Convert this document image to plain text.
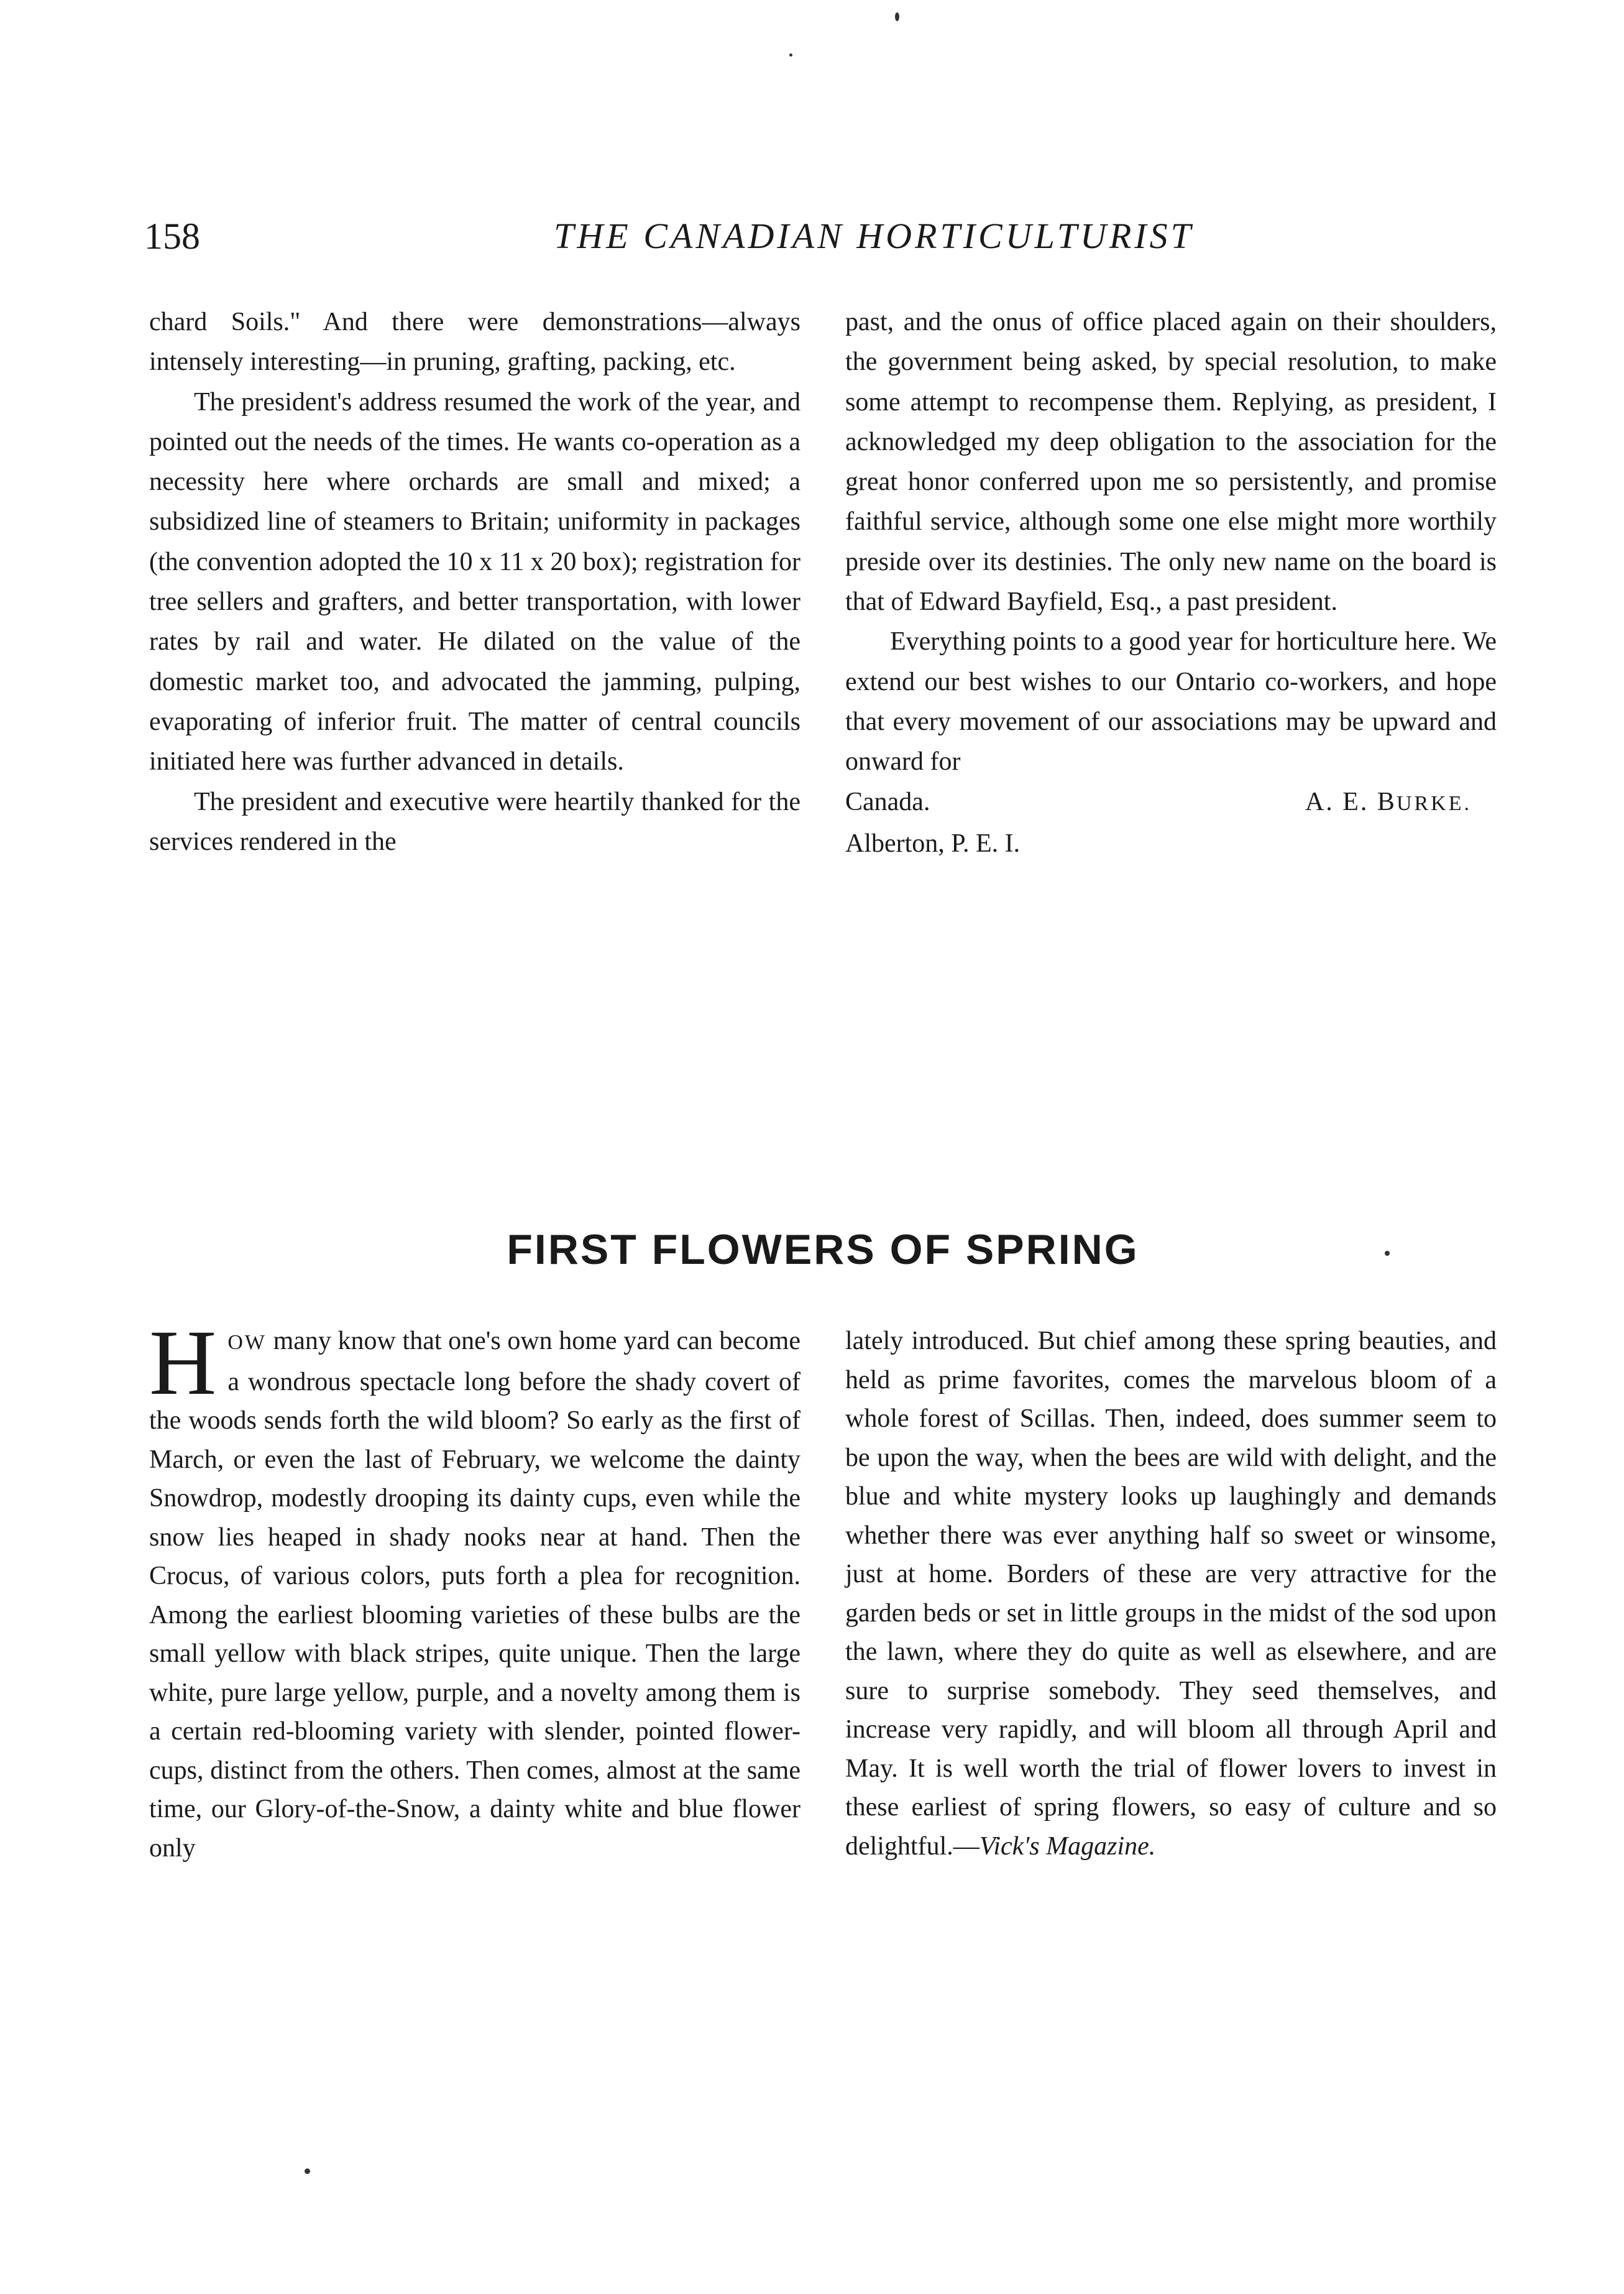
158	THE CANADIAN HORTICULTURIST

chard Soils." And there were demonstrations—always intensely interesting—in pruning, grafting, packing, etc.

The president's address resumed the work of the year, and pointed out the needs of the times. He wants co-operation as a necessity here where orchards are small and mixed; a subsidized line of steamers to Britain; uniformity in packages (the convention adopted the 10 x 11 x 20 box); registration for tree sellers and grafters, and better transportation, with lower rates by rail and water. He dilated on the value of the domestic market too, and advocated the jamming, pulping, evaporating of inferior fruit. The matter of central councils initiated here was further advanced in details.

The president and executive were heartily thanked for the services rendered in the

past, and the onus of office placed again on their shoulders, the government being asked, by special resolution, to make some attempt to recompense them. Replying, as president, I acknowledged my deep obligation to the association for the great honor conferred upon me so persistently, and promise faithful service, although some one else might more worthily preside over its destinies. The only new name on the board is that of Edward Bayfield, Esq., a past president.

Everything points to a good year for horticulture here. We extend our best wishes to our Ontario co-workers, and hope that every movement of our associations may be upward and onward for

Canada.	A. E. BURKE.
Alberton, P. E. I.
FIRST FLOWERS OF SPRING

HOW many know that one's own home yard can become a wondrous spectacle long before the shady covert of the woods sends forth the wild bloom? So early as the first of March, or even the last of February, we welcome the dainty Snowdrop, modestly drooping its dainty cups, even while the snow lies heaped in shady nooks near at hand. Then the Crocus, of various colors, puts forth a plea for recognition. Among the earliest blooming varieties of these bulbs are the small yellow with black stripes, quite unique. Then the large white, pure large yellow, purple, and a novelty among them is a certain red-blooming variety with slender, pointed flower-cups, distinct from the others. Then comes, almost at the same time, our Glory-of-the-Snow, a dainty white and blue flower only

lately introduced. But chief among these spring beauties, and held as prime favorites, comes the marvelous bloom of a whole forest of Scillas. Then, indeed, does summer seem to be upon the way, when the bees are wild with delight, and the blue and white mystery looks up laughingly and demands whether there was ever anything half so sweet or winsome, just at home. Borders of these are very attractive for the garden beds or set in little groups in the midst of the sod upon the lawn, where they do quite as well as elsewhere, and are sure to surprise somebody. They seed themselves, and increase very rapidly, and will bloom all through April and May. It is well worth the trial of flower lovers to invest in these earliest of spring flowers, so easy of culture and so delightful.—Vick's Magazine.
